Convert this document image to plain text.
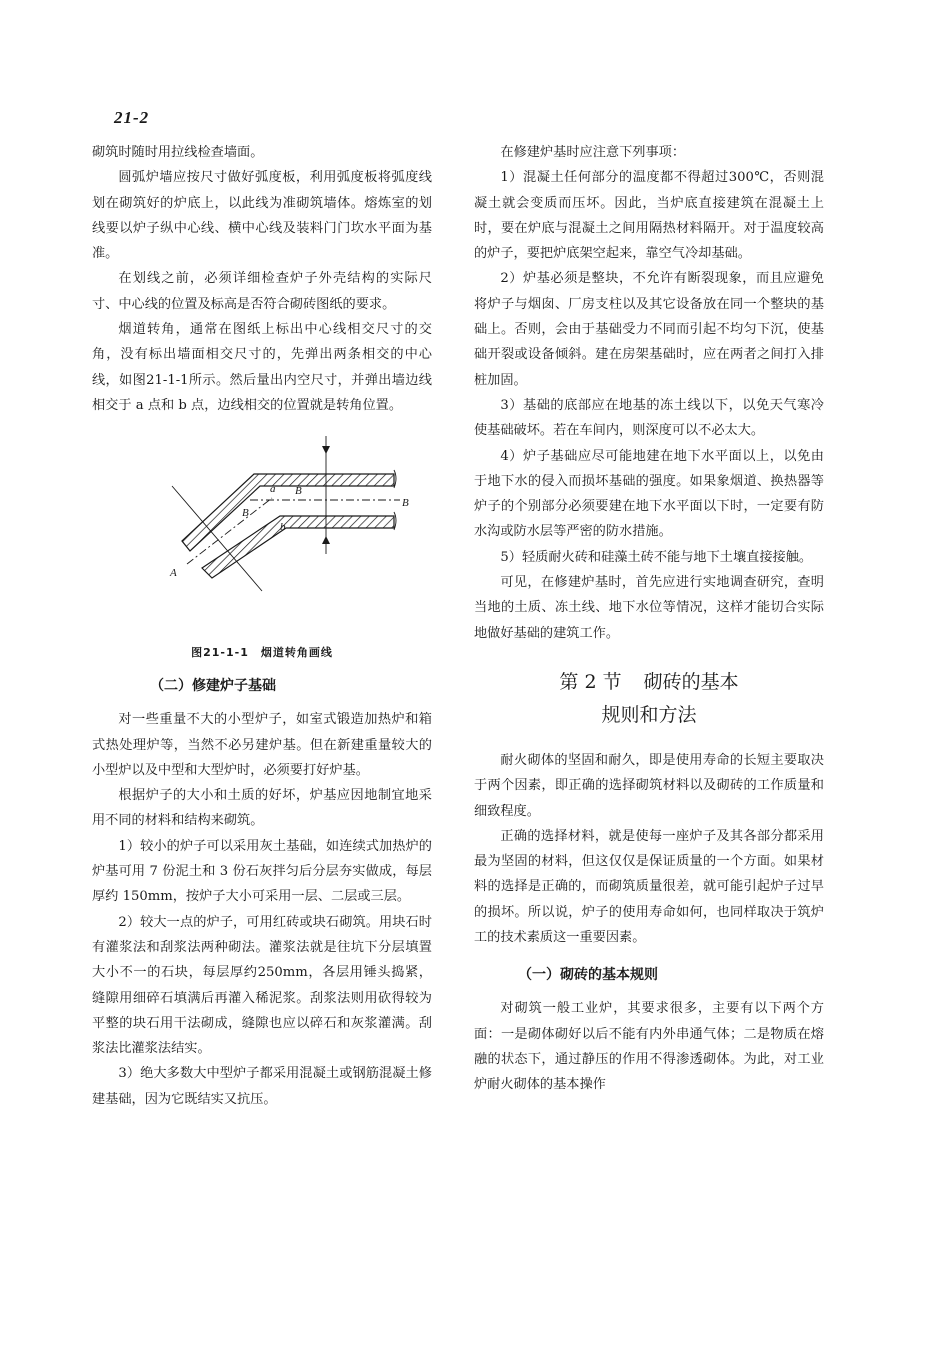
21-2

砌筑时随时用拉线检查墙面。

圆弧炉墙应按尺寸做好弧度板，利用弧度板将弧度线划在砌筑好的炉底上，以此线为准砌筑墙体。熔炼室的划线要以炉子纵中心线、横中心线及装料门门坎水平面为基准。

在划线之前，必须详细检查炉子外壳结构的实际尺寸、中心线的位置及标高是否符合砌砖图纸的要求。

烟道转角，通常在图纸上标出中心线相交尺寸的交角，没有标出墙面相交尺寸的，先弹出两条相交的中心线，如图21-1-1所示。然后量出内空尺寸，并弹出墙边线相交于 a 点和 b 点，边线相交的位置就是转角位置。

A
B
B
B
a
b
图21-1-1　烟道转角画线
（二）修建炉子基础

对一些重量不大的小型炉子，如室式锻造加热炉和箱式热处理炉等，当然不必另建炉基。但在新建重量较大的小型炉以及中型和大型炉时，必须要打好炉基。

根据炉子的大小和土质的好坏，炉基应因地制宜地采用不同的材料和结构来砌筑。

1）较小的炉子可以采用灰土基础，如连续式加热炉的炉基可用 7 份泥土和 3 份石灰拌匀后分层夯实做成，每层厚约 150mm，按炉子大小可采用一层、二层或三层。

2）较大一点的炉子，可用红砖或块石砌筑。用块石时有灌浆法和刮浆法两种砌法。灌浆法就是往坑下分层填置大小不一的石块，每层厚约250mm，各层用锤头捣紧，缝隙用细碎石填满后再灌入稀泥浆。刮浆法则用砍得较为平整的块石用干法砌成，缝隙也应以碎石和灰浆灌满。刮浆法比灌浆法结实。

3）绝大多数大中型炉子都采用混凝土或钢筋混凝土修建基础，因为它既结实又抗压。

在修建炉基时应注意下列事项：

1）混凝土任何部分的温度都不得超过300℃，否则混凝土就会变质而压坏。因此，当炉底直接建筑在混凝土上时，要在炉底与混凝土之间用隔热材料隔开。对于温度较高的炉子，要把炉底架空起来，靠空气冷却基础。

2）炉基必须是整块，不允许有断裂现象，而且应避免将炉子与烟囱、厂房支柱以及其它设备放在同一个整块的基础上。否则，会由于基础受力不同而引起不均匀下沉，使基础开裂或设备倾斜。建在房架基础时，应在两者之间打入排桩加固。

3）基础的底部应在地基的冻土线以下，以免天气寒冷使基础破坏。若在车间内，则深度可以不必太大。

4）炉子基础应尽可能地建在地下水平面以上，以免由于地下水的侵入而损坏基础的强度。如果象烟道、换热器等炉子的个别部分必须要建在地下水平面以下时，一定要有防水沟或防水层等严密的防水措施。

5）轻质耐火砖和硅藻土砖不能与地下土壤直接接触。

可见，在修建炉基时，首先应进行实地调查研究，查明当地的土质、冻土线、地下水位等情况，这样才能切合实际地做好基础的建筑工作。

第 2 节 砌砖的基本
规则和方法

耐火砌体的坚固和耐久，即是使用寿命的长短主要取决于两个因素，即正确的选择砌筑材料以及砌砖的工作质量和细致程度。

正确的选择材料，就是使每一座炉子及其各部分都采用最为坚固的材料，但这仅仅是保证质量的一个方面。如果材料的选择是正确的，而砌筑质量很差，就可能引起炉子过早的损坏。所以说，炉子的使用寿命如何，也同样取决于筑炉工的技术素质这一重要因素。

（一）砌砖的基本规则

对砌筑一般工业炉，其要求很多，主要有以下两个方面：一是砌体砌好以后不能有内外串通气体；二是物质在熔融的状态下，通过静压的作用不得渗透砌体。为此，对工业炉耐火砌体的基本操作
